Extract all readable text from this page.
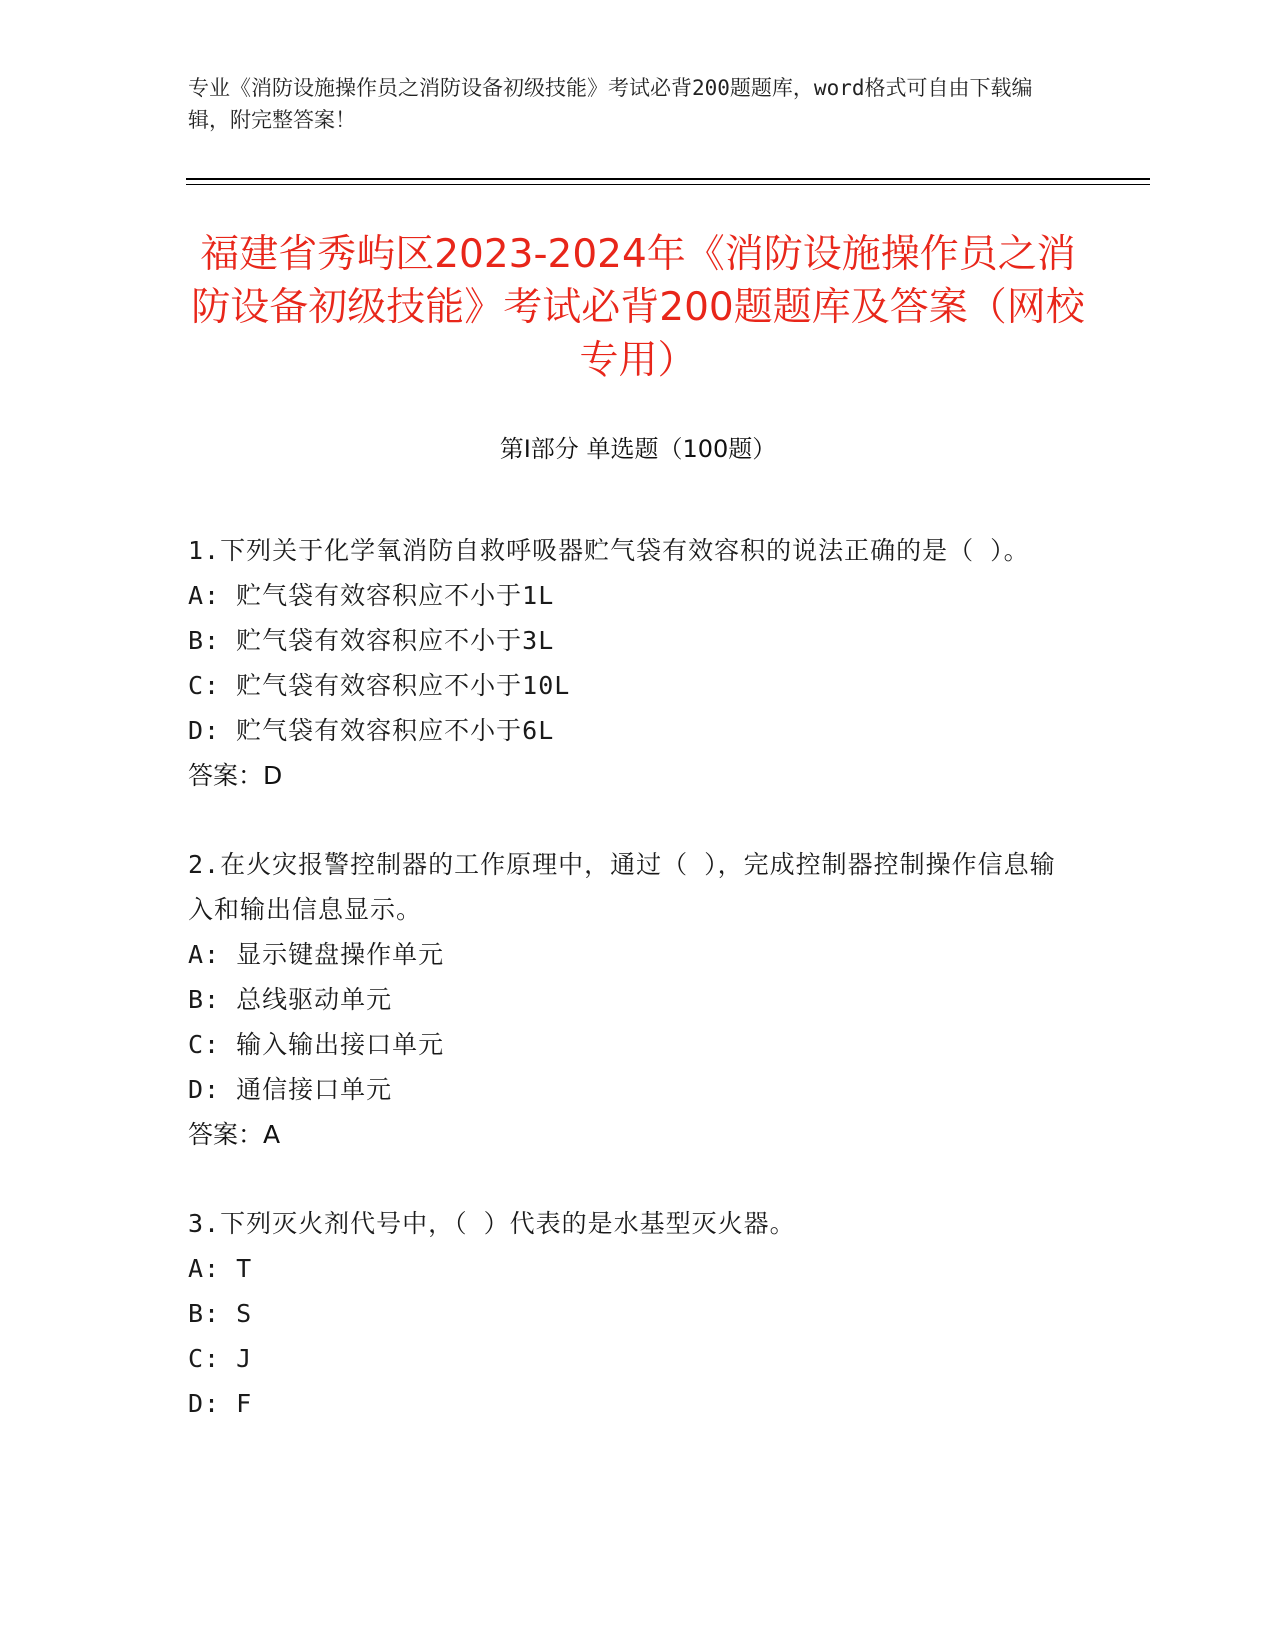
专业《消防设施操作员之消防设备初级技能》考试必背200题题库，word格式可自由下载编辑，附完整答案！
福建省秀屿区2023-2024年《消防设施操作员之消防设备初级技能》考试必背200题题库及答案（网校专用）
第Ⅰ部分 单选题（100题）
1.下列关于化学氧消防自救呼吸器贮气袋有效容积的说法正确的是（ ）。
A: 贮气袋有效容积应不小于1L
B: 贮气袋有效容积应不小于3L
C: 贮气袋有效容积应不小于10L
D: 贮气袋有效容积应不小于6L
答案：D
2.在火灾报警控制器的工作原理中，通过（ ），完成控制器控制操作信息输入和输出信息显示。
A: 显示键盘操作单元
B: 总线驱动单元
C: 输入输出接口单元
D: 通信接口单元
答案：A
3.下列灭火剂代号中，（ ）代表的是水基型灭火器。
A: T
B: S
C: J
D: F
